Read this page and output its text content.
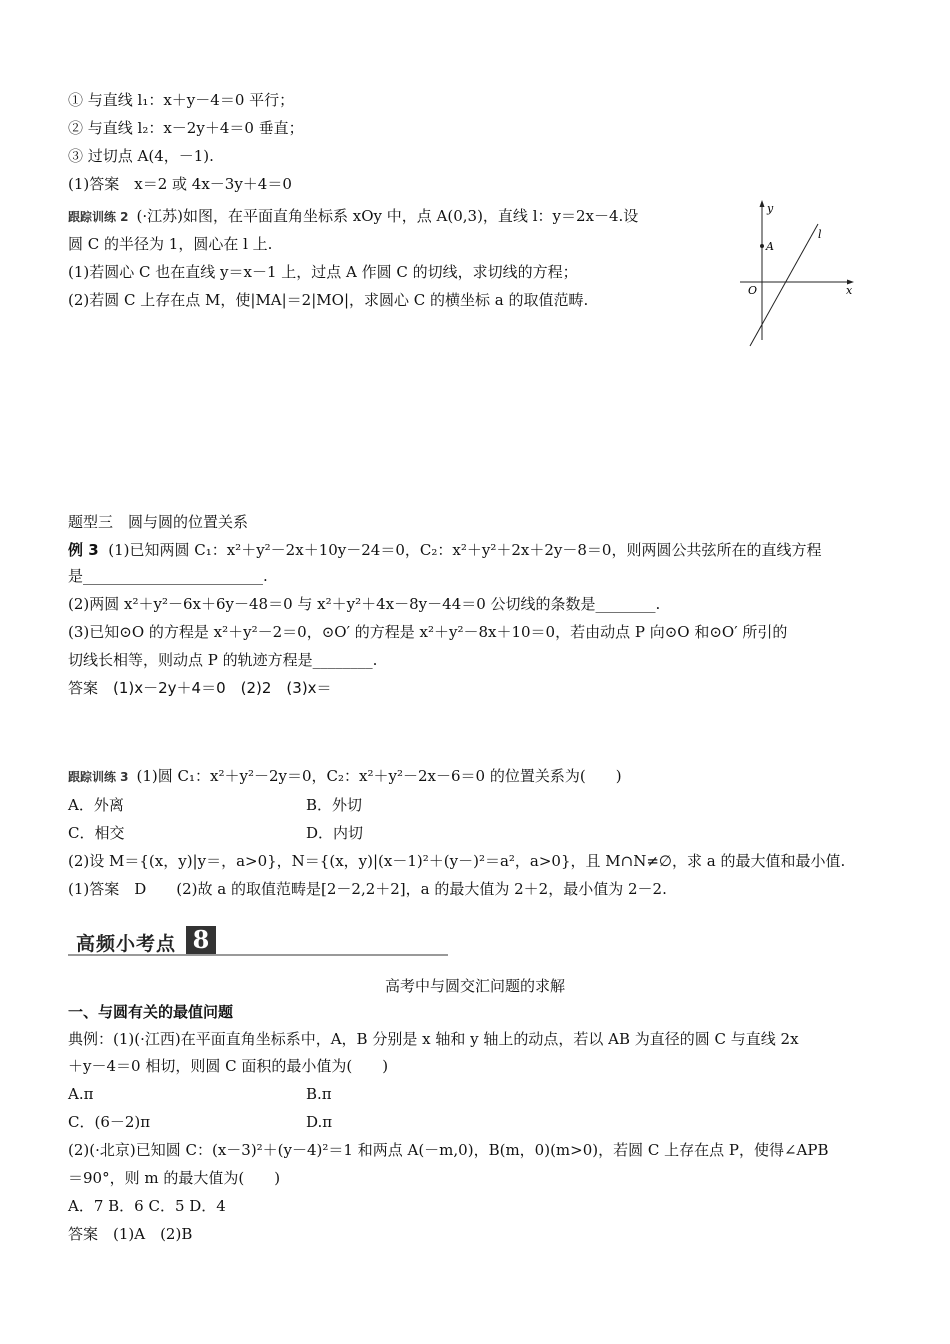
① 与直线 l₁：x＋y－4＝0 平行；
② 与直线 l₂：x－2y＋4＝0 垂直；
③ 过切点 A(4，－1).
(1)答案　x＝2 或 4x－3y＋4＝0
跟踪训练 2 (·江苏)如图，在平面直角坐标系 xOy 中，点 A(0,3)，直线 l：y＝2x－4.设
圆 C 的半径为 1，圆心在 l 上.
(1)若圆心 C 也在直线 y＝x－1 上，过点 A 作圆 C 的切线，求切线的方程；
(2)若圆 C 上存在点 M，使|MA|＝2|MO|，求圆心 C 的横坐标 a 的取值范畴.
y
x
O
A
l
题型三　圆与圆的位置关系
例 3 (1)已知两圆 C₁：x²＋y²－2x＋10y－24＝0，C₂：x²＋y²＋2x＋2y－8＝0，则两圆公共弦所在的直线方程
是________________________.
(2)两圆 x²＋y²－6x＋6y－48＝0 与 x²＋y²＋4x－8y－44＝0 公切线的条数是________.
(3)已知⊙O 的方程是 x²＋y²－2＝0，⊙O′ 的方程是 x²＋y²－8x＋10＝0，若由动点 P 向⊙O 和⊙O′ 所引的
切线长相等，则动点 P 的轨迹方程是________.
答案　(1)x－2y＋4＝0　(2)2　(3)x＝
跟踪训练 3 (1)圆 C₁：x²＋y²－2y＝0，C₂：x²＋y²－2x－6＝0 的位置关系为(　　)
A．外离	B．外切
C．相交	D．内切
(2)设 M＝{(x，y)|y＝，a>0}，N＝{(x，y)|(x－1)²＋(y－)²＝a²，a>0}，且 M∩N≠∅，求 a 的最大值和最小值.
(1)答案　D　　(2)故 a 的取值范畴是[2－2,2＋2]，a 的最大值为 2＋2，最小值为 2－2.
高频小考点 8
高考中与圆交汇问题的求解
一、与圆有关的最值问题
典例：(1)(·江西)在平面直角坐标系中，A，B 分别是 x 轴和 y 轴上的动点，若以 AB 为直径的圆 C 与直线 2x
＋y－4＝0 相切，则圆 C 面积的最小值为(　　)
A.π	B.π
C．(6－2)π	D.π
(2)(·北京)已知圆 C：(x－3)²＋(y－4)²＝1 和两点 A(－m,0)，B(m，0)(m>0)，若圆 C 上存在点 P，使得∠APB
＝90°，则 m 的最大值为(　　)
A．7 B．6 C．5 D．4
答案　(1)A　(2)B
